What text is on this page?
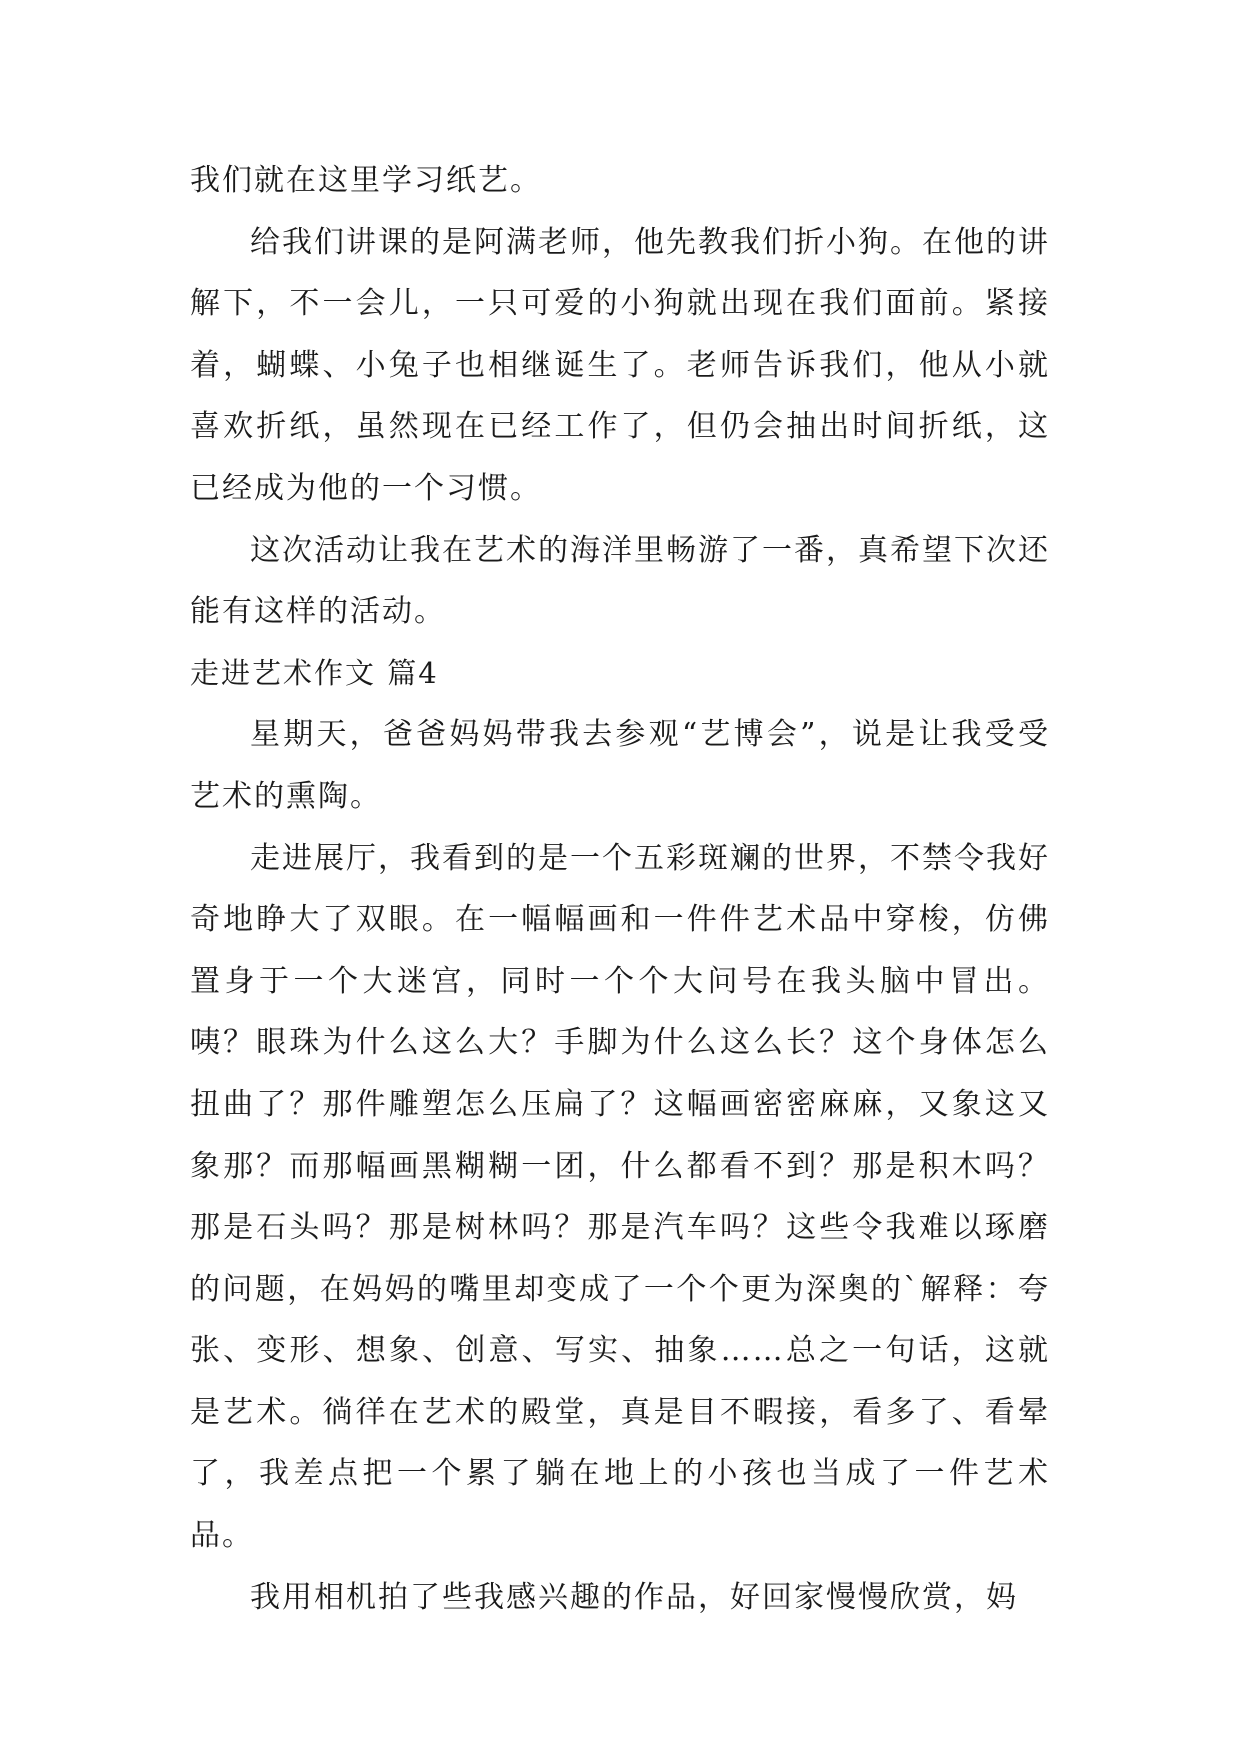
我们就在这里学习纸艺。

给我们讲课的是阿满老师，他先教我们折小狗。在他的讲解下，不一会儿，一只可爱的小狗就出现在我们面前。紧接着，蝴蝶、小兔子也相继诞生了。老师告诉我们，他从小就喜欢折纸，虽然现在已经工作了，但仍会抽出时间折纸，这已经成为他的一个习惯。

这次活动让我在艺术的海洋里畅游了一番，真希望下次还能有这样的活动。

走进艺术作文 篇4

星期天，爸爸妈妈带我去参观“艺博会”，说是让我受受艺术的熏陶。

走进展厅，我看到的是一个五彩斑斓的世界，不禁令我好奇地睁大了双眼。在一幅幅画和一件件艺术品中穿梭，仿佛置身于一个大迷宫，同时一个个大问号在我头脑中冒出。咦？眼珠为什么这么大？手脚为什么这么长？这个身体怎么扭曲了？那件雕塑怎么压扁了？这幅画密密麻麻，又象这又象那？而那幅画黑糊糊一团，什么都看不到？那是积木吗？那是石头吗？那是树林吗？那是汽车吗？这些令我难以琢磨的问题，在妈妈的嘴里却变成了一个个更为深奥的`解释：夸张、变形、想象、创意、写实、抽象……总之一句话，这就是艺术。徜徉在艺术的殿堂，真是目不暇接，看多了、看晕了，我差点把一个累了躺在地上的小孩也当成了一件艺术品。

我用相机拍了些我感兴趣的作品，好回家慢慢欣赏，妈
